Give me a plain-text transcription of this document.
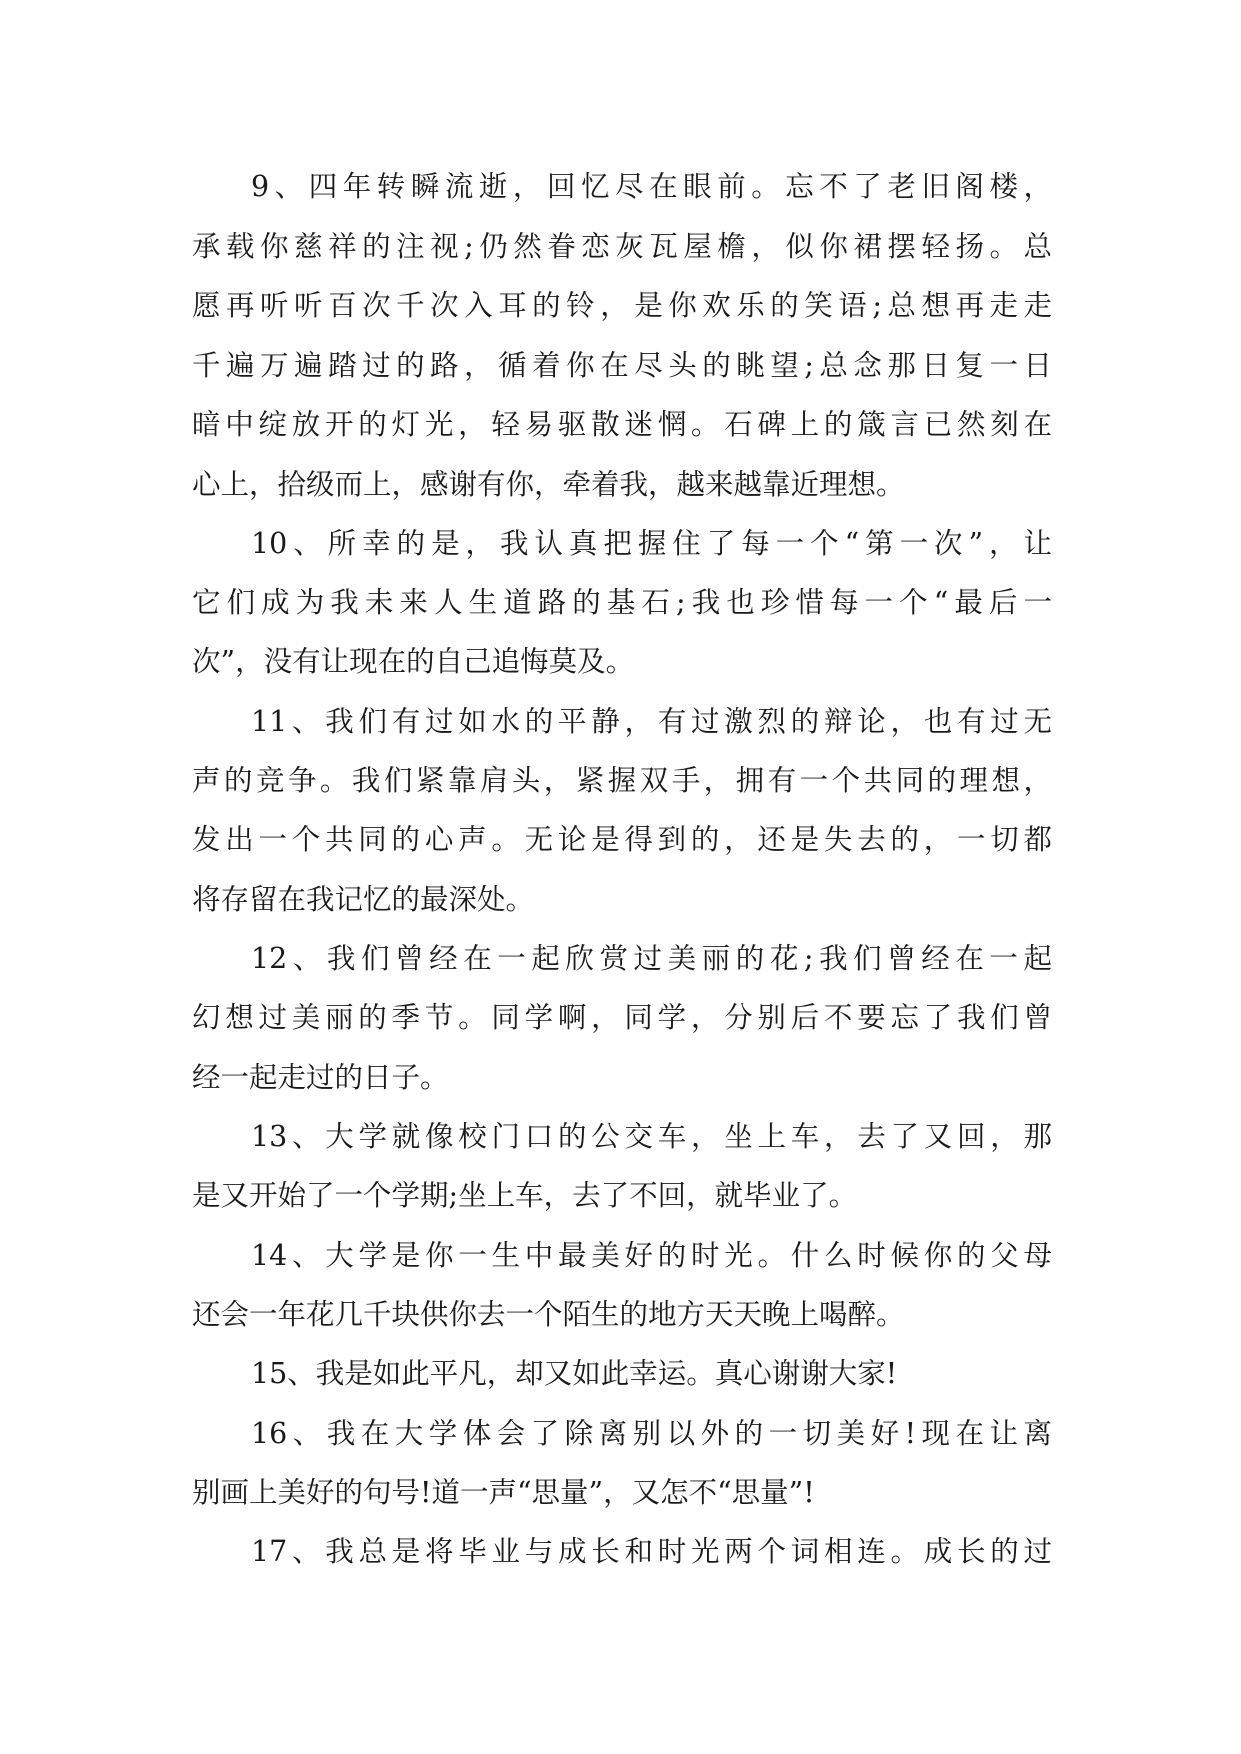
9、四年转瞬流逝，回忆尽在眼前。忘不了老旧阁楼，
承载你慈祥的注视;仍然眷恋灰瓦屋檐，似你裙摆轻扬。总
愿再听听百次千次入耳的铃，是你欢乐的笑语;总想再走走
千遍万遍踏过的路，循着你在尽头的眺望;总念那日复一日
暗中绽放开的灯光，轻易驱散迷惘。石碑上的箴言已然刻在
心上，拾级而上，感谢有你，牵着我，越来越靠近理想。
10、所幸的是，我认真把握住了每一个“第一次”，让
它们成为我未来人生道路的基石;我也珍惜每一个“最后一
次”，没有让现在的自己追悔莫及。
11、我们有过如水的平静，有过激烈的辩论，也有过无
声的竞争。我们紧靠肩头，紧握双手，拥有一个共同的理想，
发出一个共同的心声。无论是得到的，还是失去的，一切都
将存留在我记忆的最深处。
12、我们曾经在一起欣赏过美丽的花;我们曾经在一起
幻想过美丽的季节。同学啊，同学，分别后不要忘了我们曾
经一起走过的日子。
13、大学就像校门口的公交车，坐上车，去了又回，那
是又开始了一个学期;坐上车，去了不回，就毕业了。
14、大学是你一生中最美好的时光。什么时候你的父母
还会一年花几千块供你去一个陌生的地方天天晚上喝醉。
15、我是如此平凡，却又如此幸运。真心谢谢大家!
16、我在大学体会了除离别以外的一切美好!现在让离
别画上美好的句号!道一声“思量”，又怎不“思量”!
17、我总是将毕业与成长和时光两个词相连。成长的过
